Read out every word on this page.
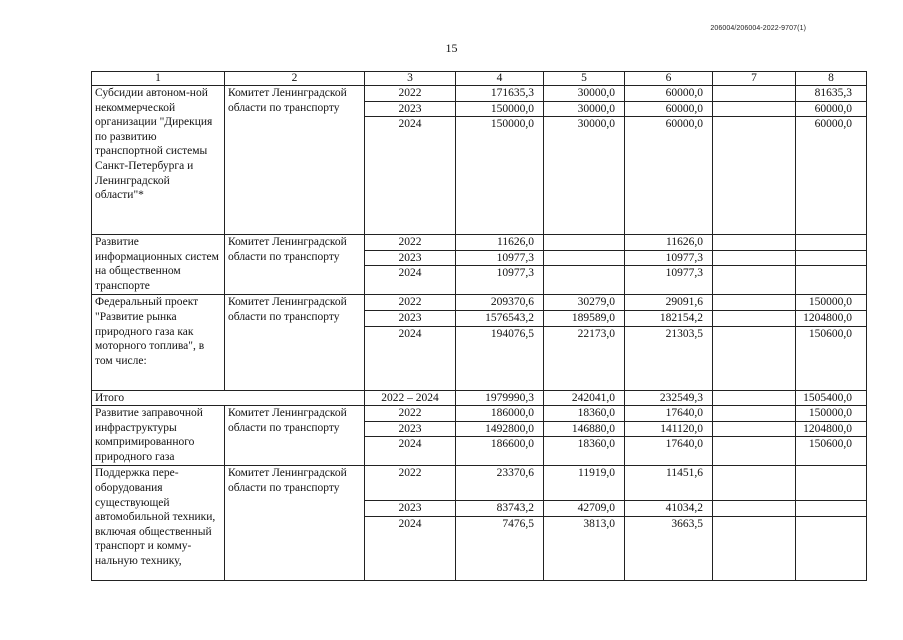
206004/206004-2022-9707(1)
15
1	2	3	4	5	6	7	8
Субсидии автоном-ной некоммерческой организации "Дирекция по развитию транспортной системы Санкт-Петербурга и Ленинградской области"*	Комитет Ленинградской области по транспорту	2022	171635,3	30000,0	60000,0		81635,3
		2023	150000,0	30000,0	60000,0		60000,0
		2024	150000,0	30000,0	60000,0		60000,0
Развитие информационных систем на общественном транспорте	Комитет Ленинградской области по транспорту	2022	11626,0		11626,0		
		2023	10977,3		10977,3		
		2024	10977,3		10977,3		
Федеральный проект "Развитие рынка природного газа как моторного топлива", в том числе:	Комитет Ленинградской области по транспорту	2022	209370,6	30279,0	29091,6		150000,0
		2023	1576543,2	189589,0	182154,2		1204800,0
		2024	194076,5	22173,0	21303,5		150600,0
Итого		2022 – 2024	1979990,3	242041,0	232549,3		1505400,0
Развитие заправочной инфраструктуры компримированного природного газа	Комитет Ленинградской области по транспорту	2022	186000,0	18360,0	17640,0		150000,0
		2023	1492800,0	146880,0	141120,0		1204800,0
		2024	186600,0	18360,0	17640,0		150600,0
Поддержка пере-оборудования существующей автомобильной техники, включая общественный транспорт и комму-нальную технику,	Комитет Ленинградской области по транспорту	2022	23370,6	11919,0	11451,6		
		2023	83743,2	42709,0	41034,2		
		2024	7476,5	3813,0	3663,5		
